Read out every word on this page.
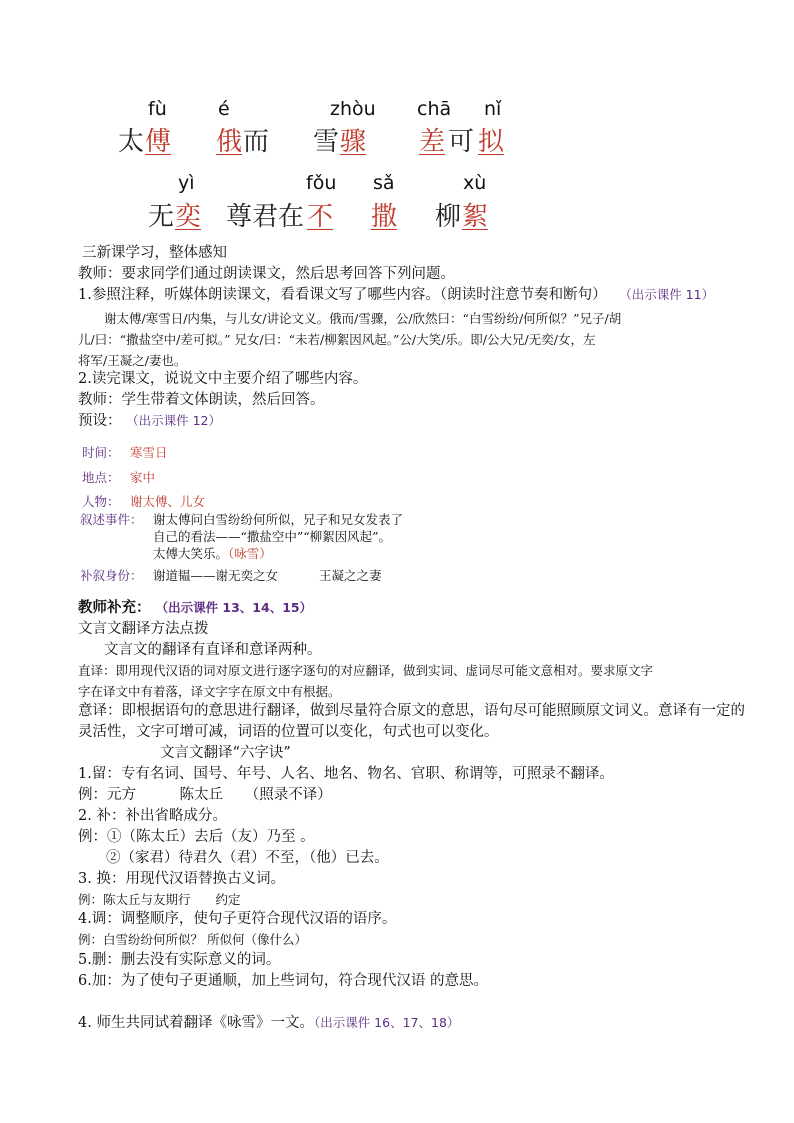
fù	é	zhòu chā nǐ
太 傅 俄 而 雪 骤 差 可 拟
yì	fǒu sǎ	xù
无 奕 尊君在 不 撒 柳 絮
三新课学习，整体感知
教师：要求同学们通过朗读课文，然后思考回答下列问题。
1.参照注释，听媒体朗读课文，看看课文写了哪些内容。（朗读时注意节奏和断句） （出示课件 11）
谢太傅/寒雪日/内集，与儿女/讲论文义。俄而/雪骤，公/欣然曰：“白雪纷纷/何所似？”兄子/胡
儿/曰：“撒盐空中/差可拟。” 兄女/曰：“未若/柳絮因风起。”公/大笑/乐。即/公大兄/无奕/女，左
将军/王凝之/妻也。
2.读完课文，说说文中主要介绍了哪些内容。
教师：学生带着文体朗读，然后回答。
预设： （出示课件 12）
时间： 寒雪日
地点： 家中
人物： 谢太傅、儿女
叙述事件： 谢太傅问白雪纷纷何所似，兄子和兄女发表了
自己的看法——“撒盐空中”“柳絮因风起”。
太傅大笑乐。（咏雪）
补叙身份： 谢道韫——谢无奕之女	王凝之之妻
教师补充： （出示课件 13、14、15）
文言文翻译方法点拨
文言文的翻译有直译和意译两种。
直译：即用现代汉语的词对原文进行逐字逐句的对应翻译，做到实词、虚词尽可能文意相对。要求原文字
字在译文中有着落，译文字字在原文中有根据。
意译：即根据语句的意思进行翻译，做到尽量符合原文的意思，语句尽可能照顾原文词义。意译有一定的
灵活性，文字可增可减，词语的位置可以变化，句式也可以变化。
文言文翻译“六字诀”
1.留：专有名词、国号、年号、人名、地名、物名、官职、称谓等，可照录不翻译。
例：元方　　　陈太丘　　（照录不译）
2. 补：补出省略成分。
例：①（陈太丘）去后（友）乃至 。
②（家君）待君久（君）不至，（他）已去。
3. 换：用现代汉语替换古义词。
例：陈太丘与友期行　　约定
4.调：调整顺序，使句子更符合现代汉语的语序。
例：白雪纷纷何所似？ 所似何（像什么）
5.删：删去没有实际意义的词。
6.加：为了使句子更通顺，加上些词句，符合现代汉语 的意思。
4. 师生共同试着翻译《咏雪》一文。（出示课件 16、17、18）
